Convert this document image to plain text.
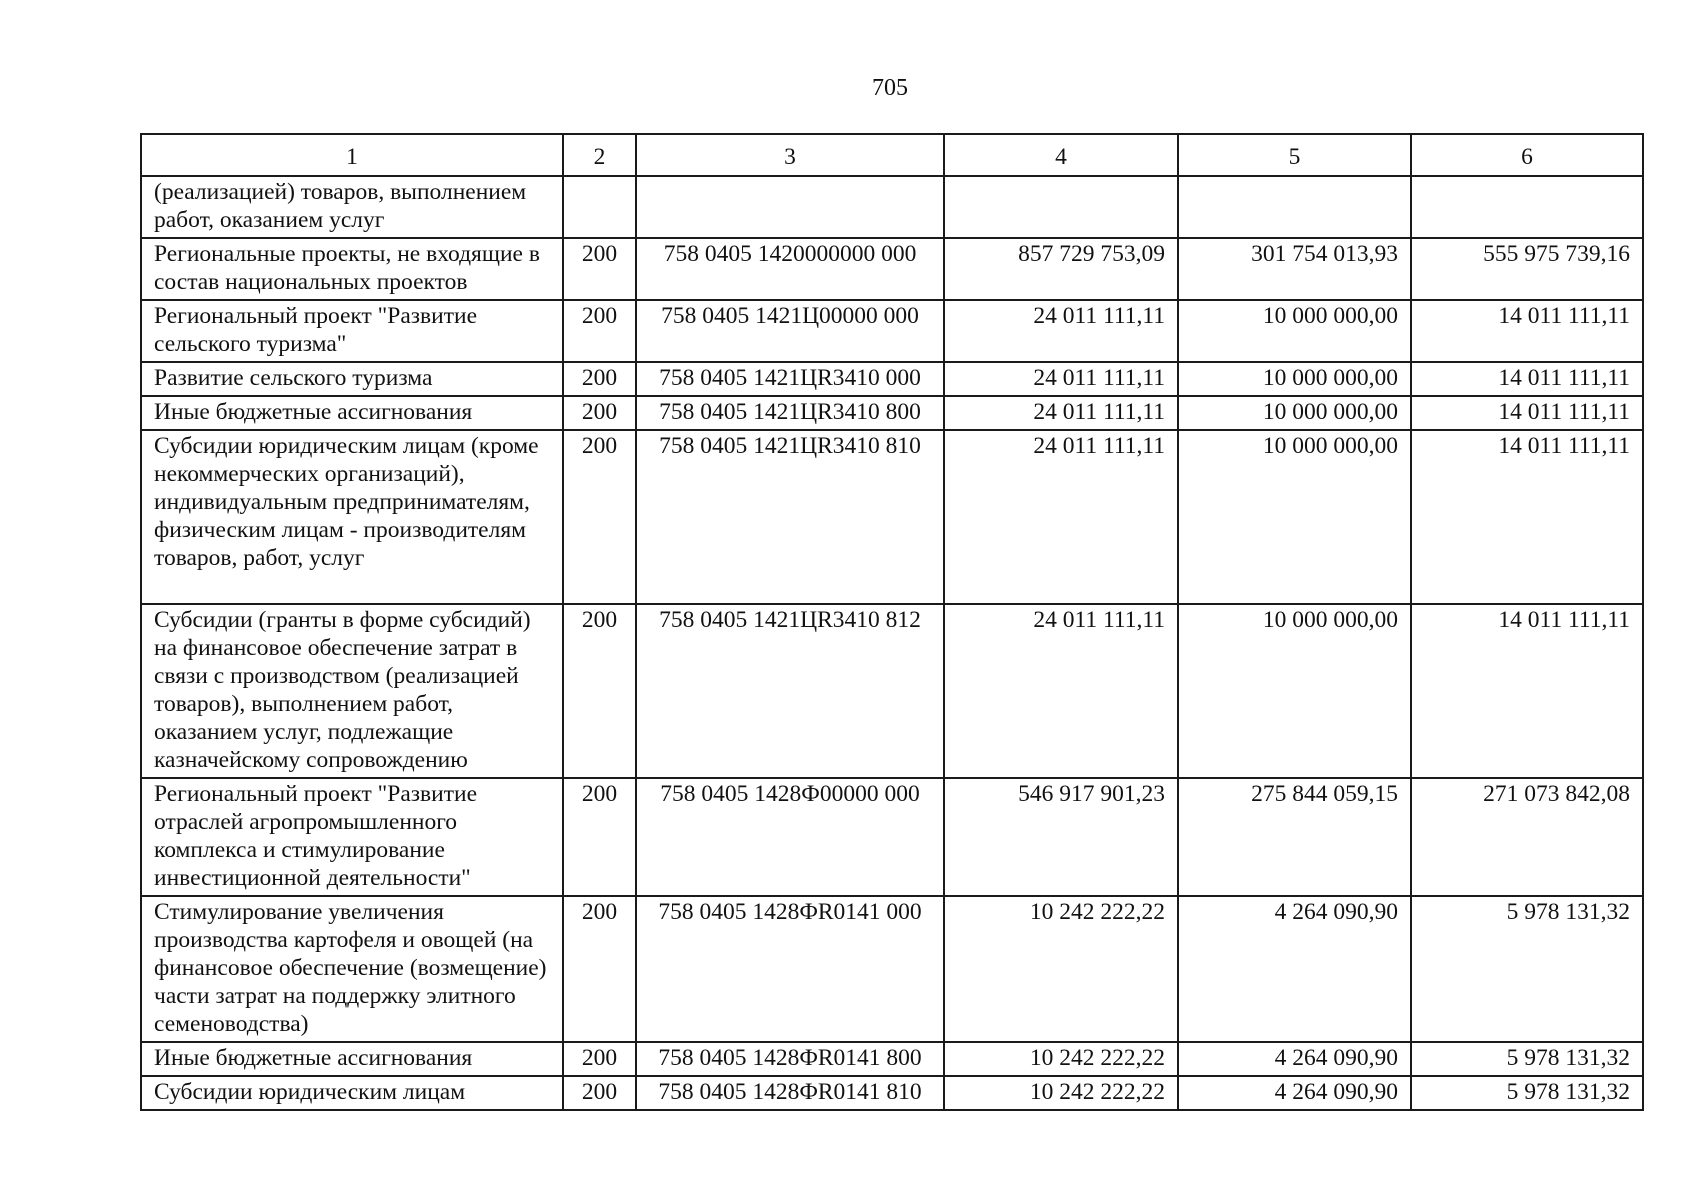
705
1	2	3	4	5	6
(реализацией) товаров, выполнением работ, оказанием услуг					
Региональные проекты, не входящие в состав национальных проектов	200	758 0405 1420000000 000	857 729 753,09	301 754 013,93	555 975 739,16
Региональный проект "Развитие сельского туризма"	200	758 0405 1421Ц00000 000	24 011 111,11	10 000 000,00	14 011 111,11
Развитие сельского туризма	200	758 0405 1421ЦR3410 000	24 011 111,11	10 000 000,00	14 011 111,11
Иные бюджетные ассигнования	200	758 0405 1421ЦR3410 800	24 011 111,11	10 000 000,00	14 011 111,11
Субсидии юридическим лицам (кроме некоммерческих организаций), индивидуальным предпринимателям, физическим лицам - производителям товаров, работ, услуг	200	758 0405 1421ЦR3410 810	24 011 111,11	10 000 000,00	14 011 111,11
Субсидии (гранты в форме субсидий) на финансовое обеспечение затрат в связи с производством (реализацией товаров), выполнением работ, оказанием услуг, подлежащие казначейскому сопровождению	200	758 0405 1421ЦR3410 812	24 011 111,11	10 000 000,00	14 011 111,11
Региональный проект "Развитие отраслей агропромышленного комплекса и стимулирование инвестиционной деятельности"	200	758 0405 1428Ф00000 000	546 917 901,23	275 844 059,15	271 073 842,08
Стимулирование увеличения производства картофеля и овощей (на финансовое обеспечение (возмещение) части затрат на поддержку элитного семеноводства)	200	758 0405 1428ФR0141 000	10 242 222,22	4 264 090,90	5 978 131,32
Иные бюджетные ассигнования	200	758 0405 1428ФR0141 800	10 242 222,22	4 264 090,90	5 978 131,32
Субсидии юридическим лицам	200	758 0405 1428ФR0141 810	10 242 222,22	4 264 090,90	5 978 131,32
